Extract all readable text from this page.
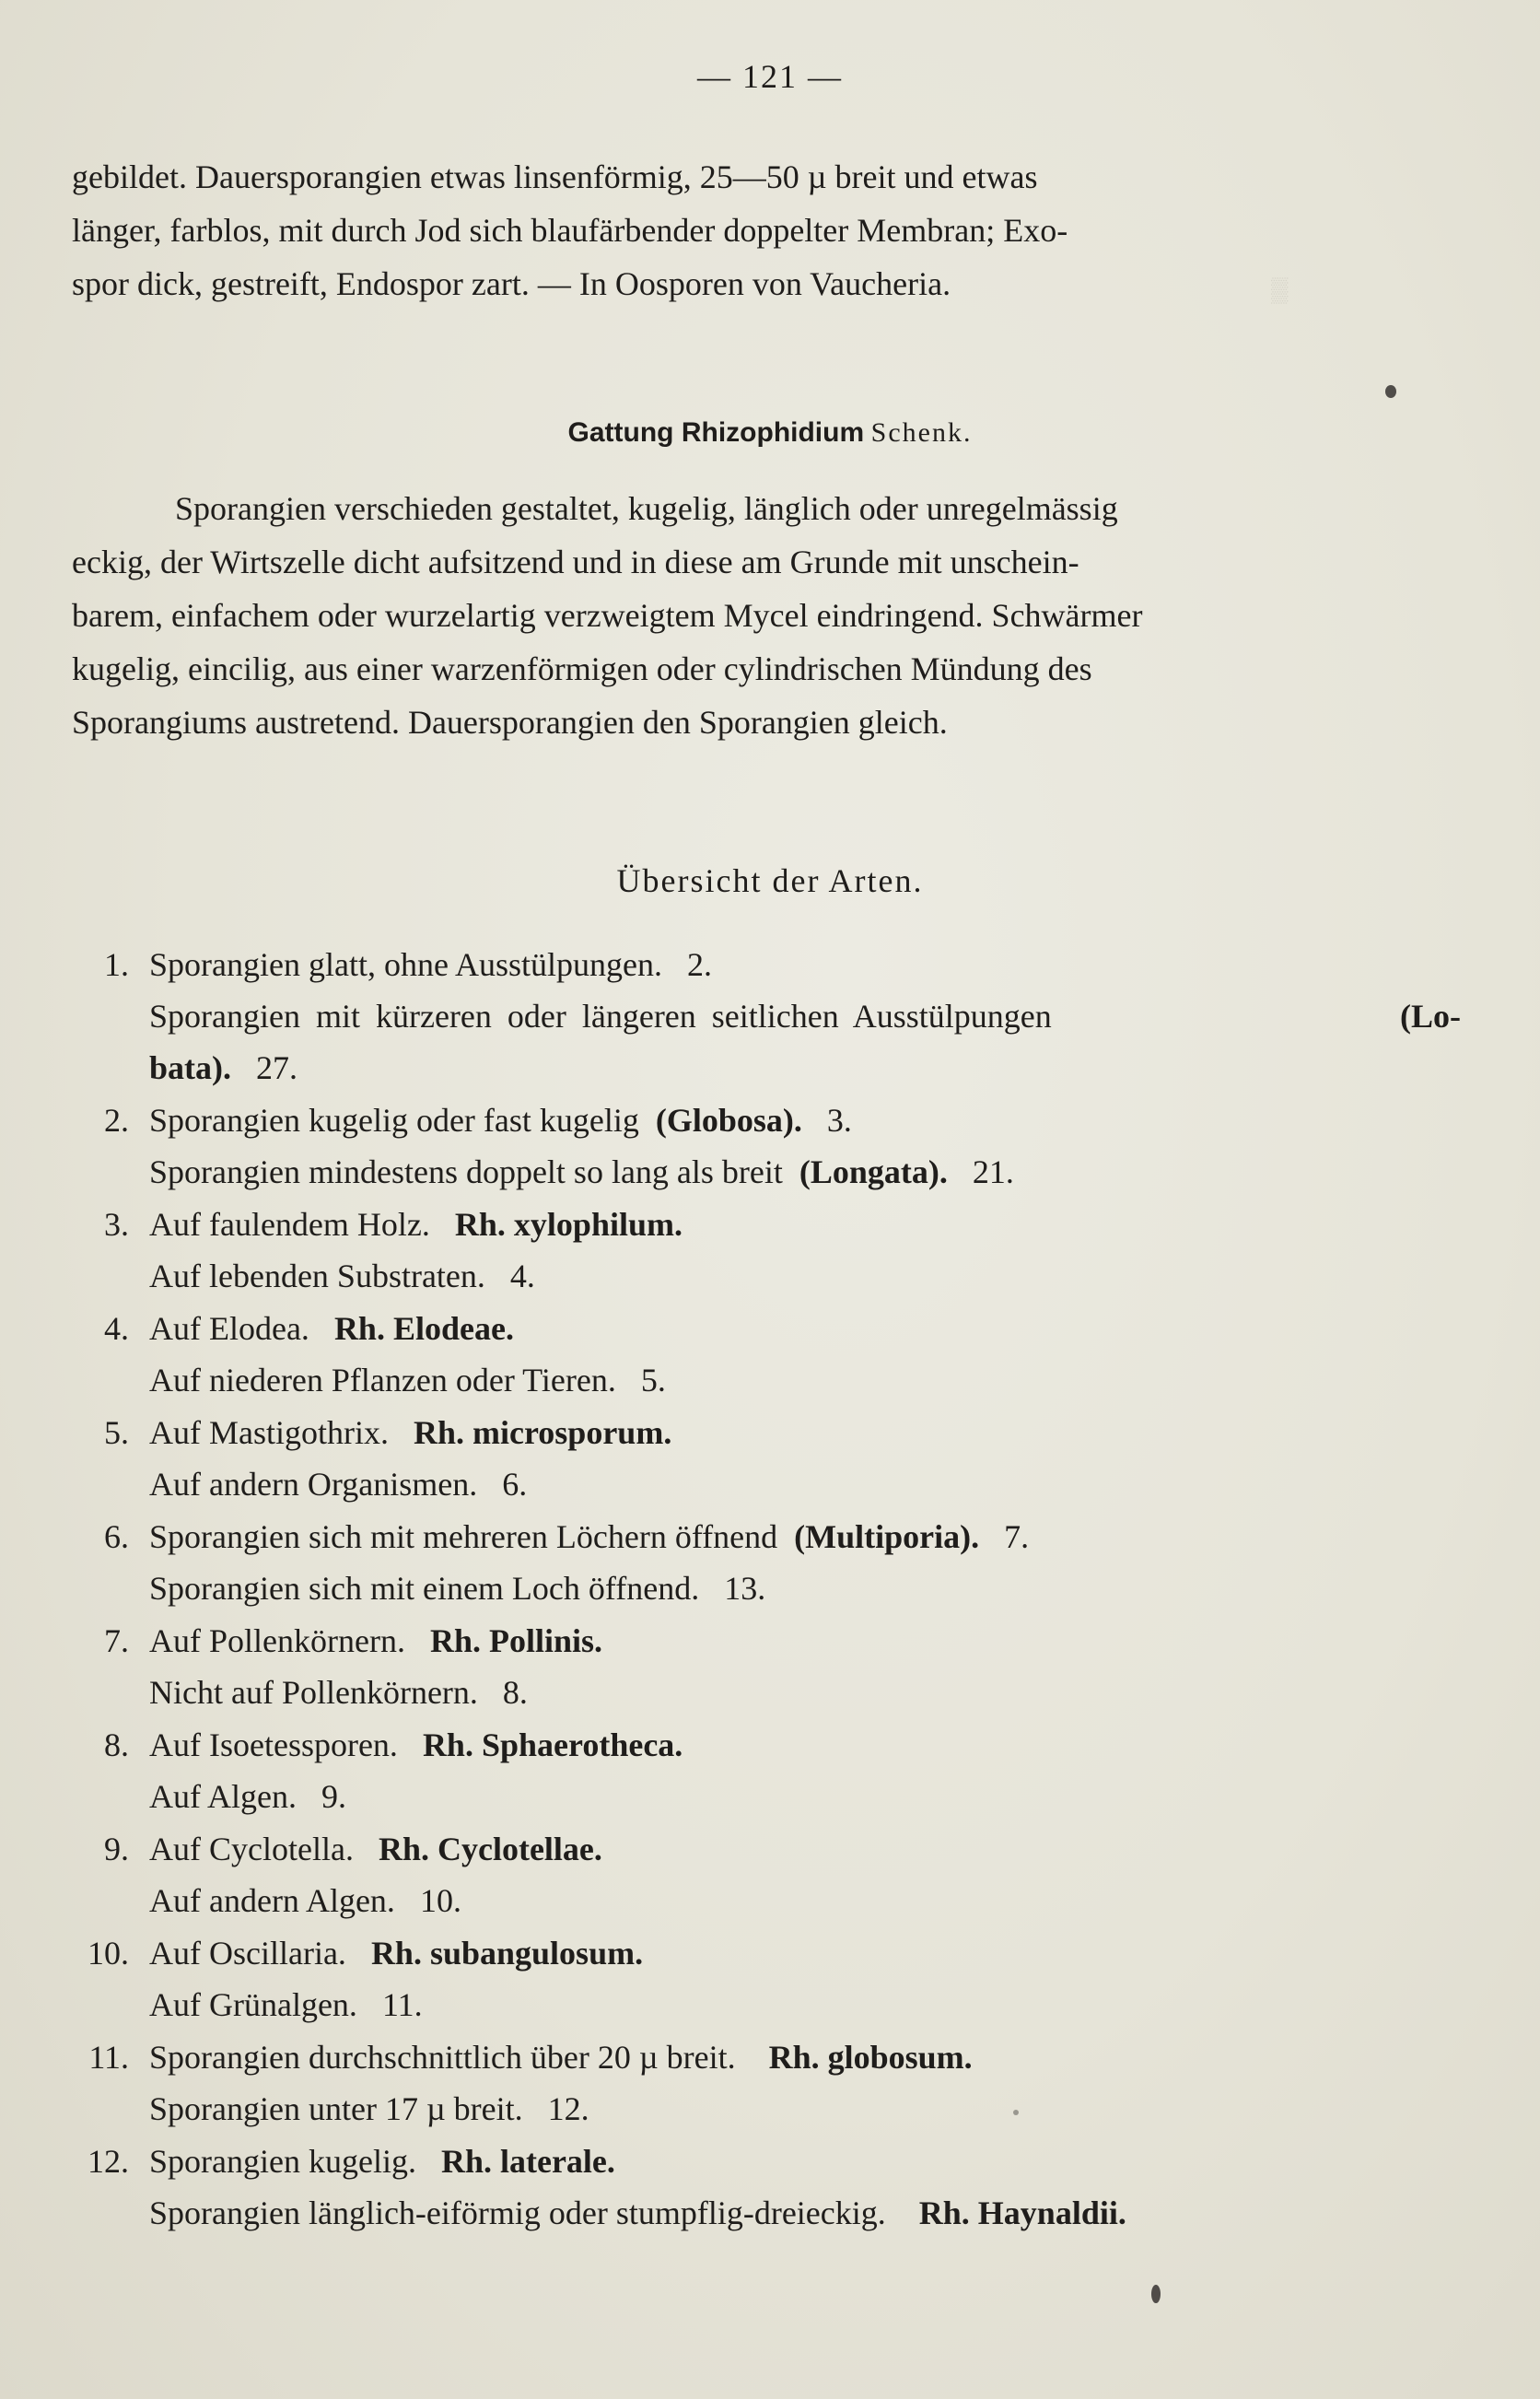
▒
— 121 —
gebildet. Dauersporangien etwas linsenförmig, 25—50 µ breit und etwas
länger, farblos, mit durch Jod sich blaufärbender doppelter Membran; Exo-
spor dick, gestreift, Endospor zart. — In Oosporen von Vaucheria.
Gattung Rhizophidium Schenk.
Sporangien verschieden gestaltet, kugelig, länglich oder unregelmässig
eckig, der Wirtszelle dicht aufsitzend und in diese am Grunde mit unschein-
barem, einfachem oder wurzelartig verzweigtem Mycel eindringend. Schwärmer
kugelig, eincilig, aus einer warzenförmigen oder cylindrischen Mündung des
Sporangiums austretend. Dauersporangien den Sporangien gleich.
Übersicht der Arten.
1. Sporangien glatt, ohne Ausstülpungen. 2.
Sporangien mit kürzeren oder längeren seitlichen Ausstülpungen	(Lo-
bata). 27.
2. Sporangien kugelig oder fast kugelig (Globosa). 3.
Sporangien mindestens doppelt so lang als breit (Longata). 21.
3. Auf faulendem Holz. Rh. xylophilum.
Auf lebenden Substraten. 4.
4. Auf Elodea. Rh. Elodeae.
Auf niederen Pflanzen oder Tieren. 5.
5. Auf Mastigothrix. Rh. microsporum.
Auf andern Organismen. 6.
6. Sporangien sich mit mehreren Löchern öffnend (Multiporia). 7.
Sporangien sich mit einem Loch öffnend. 13.
7. Auf Pollenkörnern. Rh. Pollinis.
Nicht auf Pollenkörnern. 8.
8. Auf Isoetessporen. Rh. Sphaerotheca.
Auf Algen. 9.
9. Auf Cyclotella. Rh. Cyclotellae.
Auf andern Algen. 10.
10. Auf Oscillaria. Rh. subangulosum.
Auf Grünalgen. 11.
11. Sporangien durchschnittlich über 20 µ breit. Rh. globosum.
Sporangien unter 17 µ breit. 12.
12. Sporangien kugelig. Rh. laterale.
Sporangien länglich-eiförmig oder stumpflig-dreieckig. Rh. Haynaldii.
